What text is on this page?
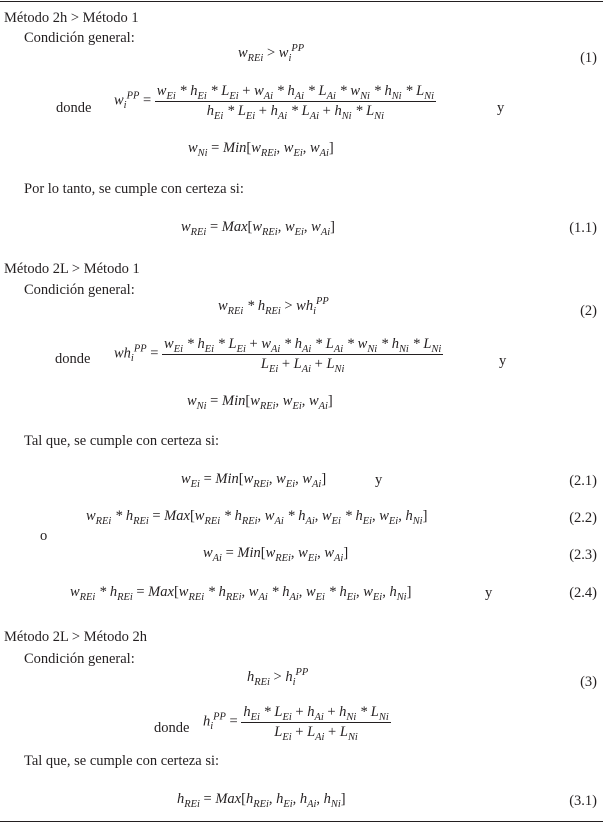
Método 2h > Método 1
Condición general:
$w_{REi} > w_i^{PP}$
(1)
donde $w_i^{PP} = \frac{w_{Ei} * h_{Ei} * L_{Ei} + w_{Ai} * h_{Ai} * L_{Ai} * w_{Ni} * h_{Ni} * L_{Ni}}{h_{Ei} * L_{Ei} + h_{Ai} * L_{Ai} + h_{Ni} * L_{Ni}}$	y
$w_{Ni} = Min[w_{REi}$, $w_{Ei}$, $w_{Ai}$]
Por lo tanto, se cumple con certeza si:
$w_{REi} = Max[w_{REi}$, $w_{Ei}$, $w_{Ai}$]	(1.1)
Método 2L > Método 1
Condición general:
$w_{REi} * h_{REi} > wh_i^{PP}$
(2)
donde $wh_i^{PP} = \frac{w_{Ei} * h_{Ei} * L_{Ei} + w_{Ai} * h_{Ai} * L_{Ai} * w_{Ni} * h_{Ni} * L_{Ni}}{L_{Ei} + L_{Ai} + L_{Ni}}$	y
$w_{Ni} = Min[w_{REi}$, $w_{Ei}$, $w_{Ai}$]
Tal que, se cumple con certeza si:
$w_{Ei} = Min[w_{REi}$, $w_{Ei}$, $w_{Ai}$]	y	(2.1)
$w_{REi} * h_{REi} = Max[w_{REi} * h_{REi}$, $w_{Ai} * h_{Ai}$, $w_{Ei} * h_{Ei}$, $w_{Ei}$, $h_{Ni}$]	(2.2)
o
$w_{Ai} = Min[w_{REi}$, $w_{Ei}$, $w_{Ai}$]	(2.3)
$w_{REi} * h_{REi} = Max[w_{REi} * h_{REi}$, $w_{Ai} * h_{Ai}$, $w_{Ei} * h_{Ei}$, $w_{Ei}$, $h_{Ni}$]	y	(2.4)
Método 2L > Método 2h
Condición general:
$h_{REi} > h_i^{PP}$
(3)
donde $h_i^{PP} = \frac{h_{Ei} * L_{Ei} + h_{Ai} + h_{Ni} * L_{Ni}}{L_{Ei} + L_{Ai} + L_{Ni}}$
Tal que, se cumple con certeza si:
$h_{REi} = Max[h_{REi}$, $h_{Ei}$, $h_{Ai}$, $h_{Ni}$]	(3.1)
